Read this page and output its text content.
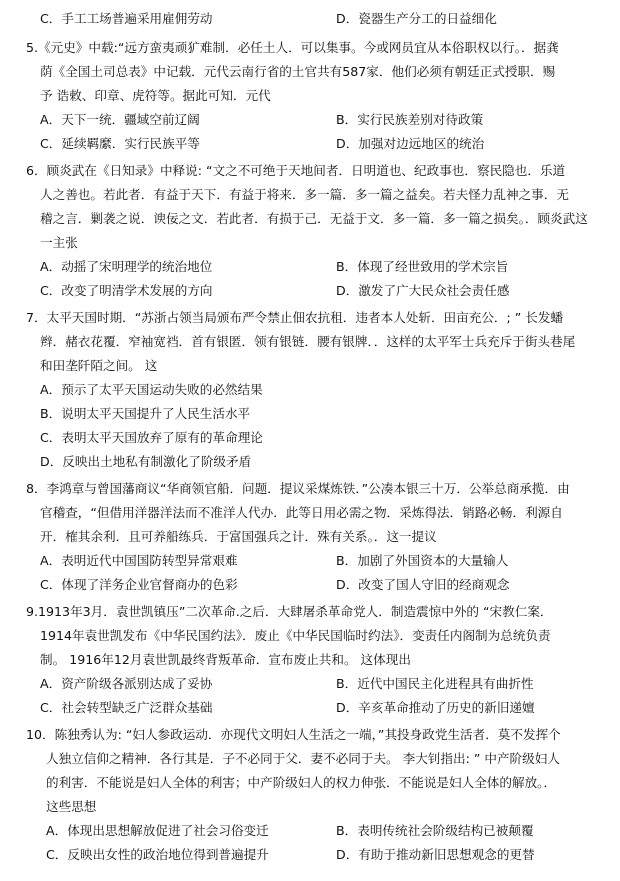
C．手工工场普遍采用雇佣劳动	D．瓷器生产分工的日益细化
5.《元史》中载:“远方蛮夷顽犷难制．必任土人．可以集事。今或网员宜从本俗职权以行。．据龚
荫《全国土司总表》中记载．元代云南行省的土官共有587家．他们必须有朝廷正式授职．赐
予 诰敕、印章、虎符等。据此可知．元代
A．天下一统．疆域空前辽阔	B．实行民族差别对待政策
C．延续羁縻．实行民族平等	D．加强对边远地区的统治
6．顾炎武在《日知录》中释说: “文之不可绝于天地间者．日明道也、纪政事也．察民隐也．乐道
人之善也。若此者．有益于天下．有益于将来．多一篇．多一篇之益矣。若夫怪力乱神之事．无
稽之言．剿袭之说．谀佞之文．若此者．有损于己．无益于文．多一篇．多一篇之损矣。．顾炎武这
一主张
A．动摇了宋明理学的统治地位	B．体现了经世致用的学术宗旨
C．改变了明清学术发展的方向	D．激发了广大民众社会责任感
7．太平天国时期．“苏浙占领当局颁布严令禁止佃农抗租．违者本人处斩．田亩充公．; ” 长发蟠
辫．赭衣花覆．窄袖宽裆．首有银匿．领有银链．腰有银牌．．这样的太平军士兵充斥于街头巷尾
和田垄阡陌之间。 这
A．预示了太平天国运动失败的必然结果
B．说明太平天国提升了人民生活水平
C．表明太平天国放弃了原有的革命理论
D．反映出土地私有制激化了阶级矛盾
8．李鸿章与曾国藩商议“华商领官船．问题．提议采煤炼铁．”公凑本银三十万．公举总商承揽．由
官稽查，“但借用洋器洋法而不准洋人代办．此等日用必需之物．采炼得法．销路必畅．利源自
开．榷其余利．且可养船练兵．于富国强兵之计．殊有关系。．这一提议
A．表明近代中国国防转型异常艰难	B．加剧了外国资本的大量输人
C．体现了洋务企业官督商办的色彩	D．改变了国人守旧的经商观念
9.1913年3月．袁世凯镇压”二次革命.之后．大肆屠杀革命党人．制造震惊中外的 “宋教仁案．
1914年袁世凯发布《中华民国约法》．废止《中华民国临时约法》．变责任内阁制为总统负责
制。 1916年12月袁世凯最终背叛革命．宣布废止共和。 这体现出
A．资产阶级各派别达成了妥协	B．近代中国民主化进程具有曲折性
C．社会转型缺乏广泛群众基础	D．辛亥革命推动了历史的新旧递嬗
10．陈独秀认为: “妇人参政运动．亦现代文明妇人生活之一端，”其投身政党生活者．莫不发挥个
人独立信仰之精神．各行其是．子不必同于父．妻不必同于夫。 李大钊指出: ” 中产阶级妇人
的利害．不能说是妇人全体的利害；中产阶级妇人的权力伸张．不能说是妇人全体的解放。．
这些思想
A．体现出思想解放促进了社会习俗变迁	B．表明传统社会阶级结构已被颠覆
C．反映出女性的政治地位得到普遍提升	D．有助于推动新旧思想观念的更替
